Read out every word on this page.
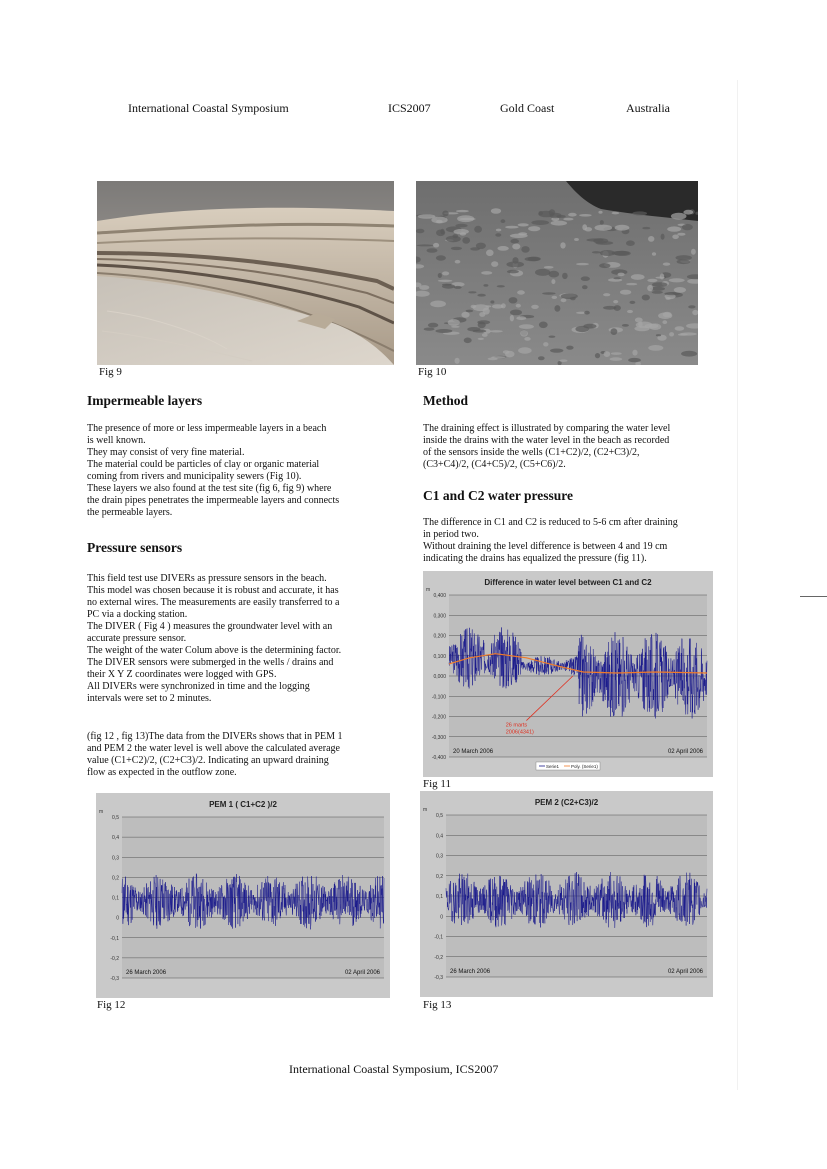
International Coastal Symposium	ICS2007	Gold Coast	Australia
Fig 9	Fig 10
Impermeable layers

The presence of more or less impermeable layers in a beach

is well known.

They may consist of very fine material.

The material could be particles of clay or organic material

coming from rivers and municipality sewers (Fig 10).

These layers we also found at the test site (fig 6, fig 9) where

the drain pipes penetrates the impermeable layers and connects

the permeable layers.

Pressure sensors

This field test use DIVERs as pressure sensors in the beach.

This model was chosen because it is robust and accurate, it has

no external wires. The measurements are easily transferred to a

PC via a docking station.

The DIVER ( Fig 4 ) measures the groundwater level with an

accurate pressure sensor.

The weight of the water Colum above is the determining factor.

The DIVER sensors were submerged in the wells / drains and

their X Y Z coordinates were logged with GPS.

All DIVERs were synchronized in time and the logging

intervals were set to 2 minutes.

(fig 12 , fig 13)The data from the DIVERs shows that in PEM 1

and PEM 2 the water level is well above the calculated average

value (C1+C2)/2, (C2+C3)/2. Indicating an upward draining

flow as expected in the outflow zone.

Method

The draining effect is illustrated by comparing the water level

inside the drains with the water level in the beach as recorded

of the sensors inside the wells (C1+C2)/2, (C2+C3)/2,

(C3+C4)/2, (C4+C5)/2, (C5+C6)/2.

C1 and C2 water pressure

The difference in C1 and C2 is reduced to 5-6 cm after draining

in period two.

Without draining the level difference is between 4 and 19 cm

indicating the drains has equalized the pressure (fig 11).

Difference in water level between C1 and C2
m
0,400
0,300
0,200
0,100
0,000
-0,100
-0,200
-0,300
-0,400
20 March 2006	02 April 2006
26 marts
2006(4341)
Serie1	Poly. (Serie1)
Fig 11
PEM 1 ( C1+C2 )/2
m
0,5
0,4
0,3
0,2
0,1
0
-0,1
-0,2
-0,3
26 March 2006	02 April 2006
Fig 12
PEM 2 (C2+C3)/2
m
0,5
0,4
0,3
0,2
0,1
0
-0,1
-0,2
-0,3
26 March 2006	02 April 2006
Fig 13
International Coastal Symposium, ICS2007
